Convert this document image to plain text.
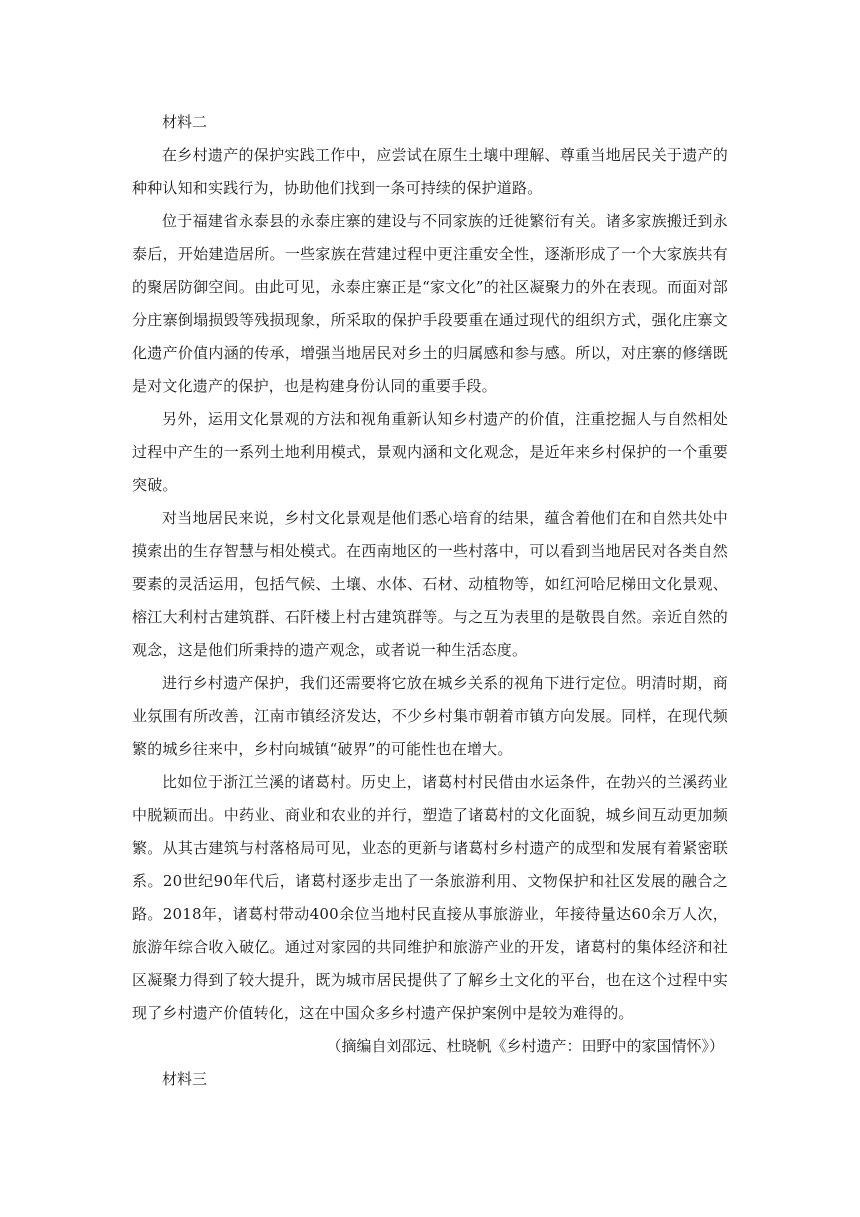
材料二

在乡村遗产的保护实践工作中，应尝试在原生土壤中理解、尊重当地居民关于遗产的种种认知和实践行为，协助他们找到一条可持续的保护道路。

位于福建省永泰县的永泰庄寨的建设与不同家族的迁徙繁衍有关。诸多家族搬迁到永泰后，开始建造居所。一些家族在营建过程中更注重安全性，逐渐形成了一个大家族共有的聚居防御空间。由此可见，永泰庄寨正是“家文化”的社区凝聚力的外在表现。而面对部分庄寨倒塌损毁等残损现象，所采取的保护手段要重在通过现代的组织方式，强化庄寨文化遗产价值内涵的传承，增强当地居民对乡土的归属感和参与感。所以，对庄寨的修缮既是对文化遗产的保护，也是构建身份认同的重要手段。

另外，运用文化景观的方法和视角重新认知乡村遗产的价值，注重挖掘人与自然相处过程中产生的一系列土地利用模式，景观内涵和文化观念，是近年来乡村保护的一个重要突破。

对当地居民来说，乡村文化景观是他们悉心培育的结果，蕴含着他们在和自然共处中摸索出的生存智慧与相处模式。在西南地区的一些村落中，可以看到当地居民对各类自然要素的灵活运用，包括气候、土壤、水体、石材、动植物等，如红河哈尼梯田文化景观、榕江大利村古建筑群、石阡楼上村古建筑群等。与之互为表里的是敬畏自然。亲近自然的观念，这是他们所秉持的遗产观念，或者说一种生活态度。

进行乡村遗产保护，我们还需要将它放在城乡关系的视角下进行定位。明清时期，商业氛围有所改善，江南市镇经济发达，不少乡村集市朝着市镇方向发展。同样，在现代频繁的城乡往来中，乡村向城镇“破界”的可能性也在增大。

比如位于浙江兰溪的诸葛村。历史上，诸葛村村民借由水运条件，在勃兴的兰溪药业中脱颖而出。中药业、商业和农业的并行，塑造了诸葛村的文化面貌，城乡间互动更加频繁。从其古建筑与村落格局可见，业态的更新与诸葛村乡村遗产的成型和发展有着紧密联系。20世纪90年代后，诸葛村逐步走出了一条旅游利用、文物保护和社区发展的融合之路。2018年，诸葛村带动400余位当地村民直接从事旅游业，年接待量达60余万人次，旅游年综合收入破亿。通过对家园的共同维护和旅游产业的开发，诸葛村的集体经济和社区凝聚力得到了较大提升，既为城市居民提供了了解乡土文化的平台，也在这个过程中实现了乡村遗产价值转化，这在中国众多乡村遗产保护案例中是较为难得的。

（摘编自刘邵远、杜晓帆《乡村遗产：田野中的家国情怀》）

材料三
